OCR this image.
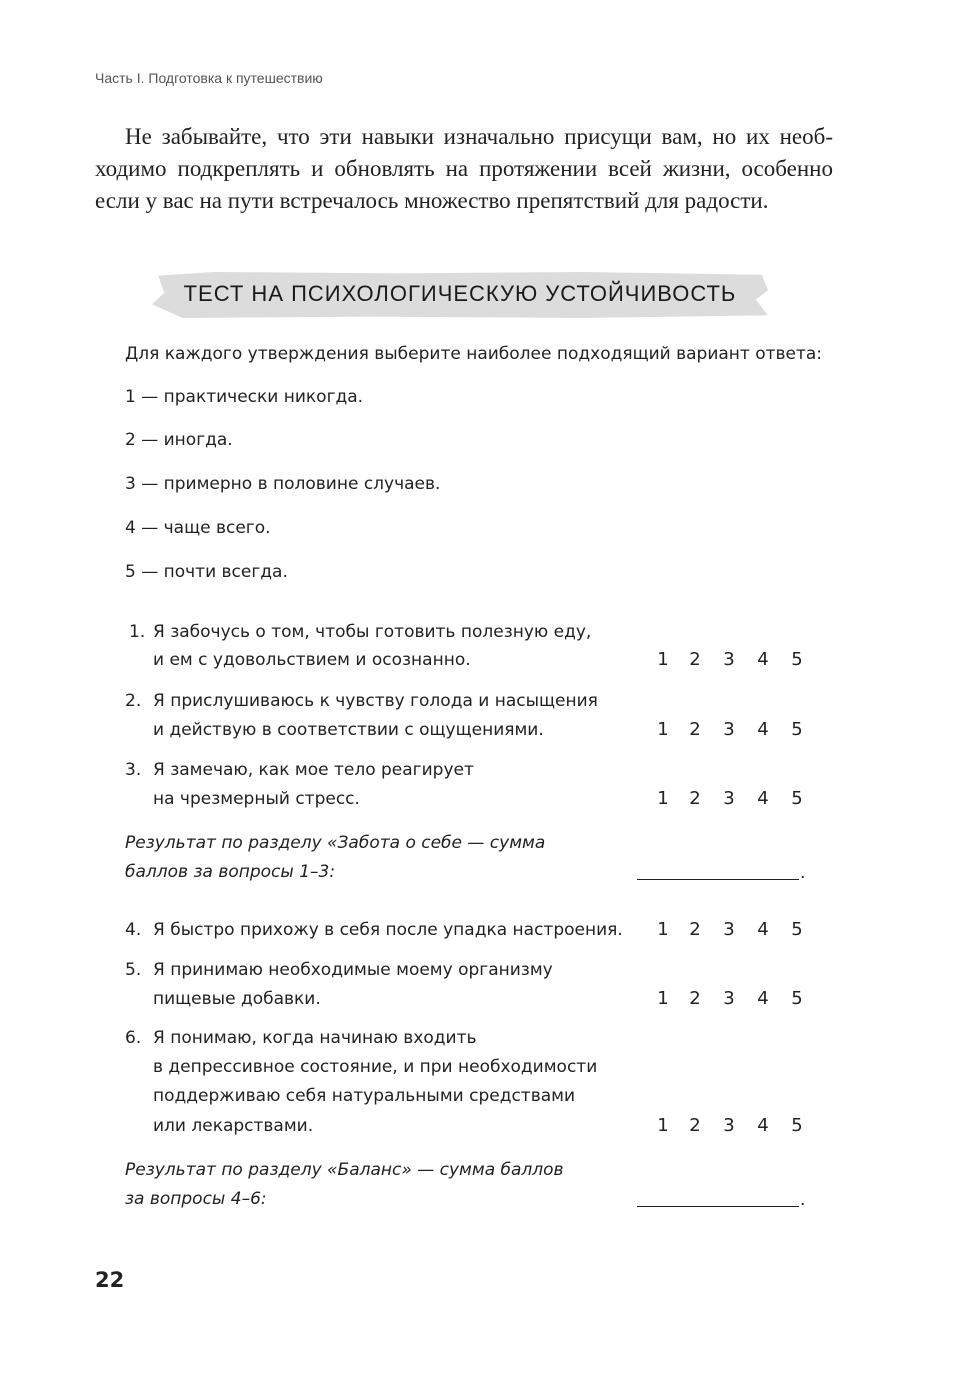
Часть I. Подготовка к путешествию
Не забывайте, что эти навыки изначально присущи вам, но их необ-
ходимо подкреплять и обновлять на протяжении всей жизни, особенно
если у вас на пути встречалось множество препятствий для радости.
ТЕСТ НА ПСИХОЛОГИЧЕСКУЮ УСТОЙЧИВОСТЬ
Для каждого утверждения выберите наиболее подходящий вариант ответа:
1 — практически никогда.
2 — иногда.
3 — примерно в половине случаев.
4 — чаще всего.
5 — почти всегда.
1. Я забочусь о том, чтобы готовить полезную еду,
и ем с удовольствием и осознанно.	1 2 3 4 5
2. Я прислушиваюсь к чувству голода и насыщения
и действую в соответствии с ощущениями.	1 2 3 4 5
3. Я замечаю, как мое тело реагирует
на чрезмерный стресс.	1 2 3 4 5
4. Я быстро прихожу в себя после упадка настроения. 1 2 3 4 5
5. Я принимаю необходимые моему организму
пищевые добавки.	1 2 3 4 5
6. Я понимаю, когда начинаю входить
в депрессивное состояние, и при необходимости
поддерживаю себя натуральными средствами
или лекарствами.	1 2 3 4 5
Результат по разделу «Забота о себе — сумма
баллов за вопросы 1–3:	.
Результат по разделу «Баланс» — сумма баллов
за вопросы 4–6:	.
22
